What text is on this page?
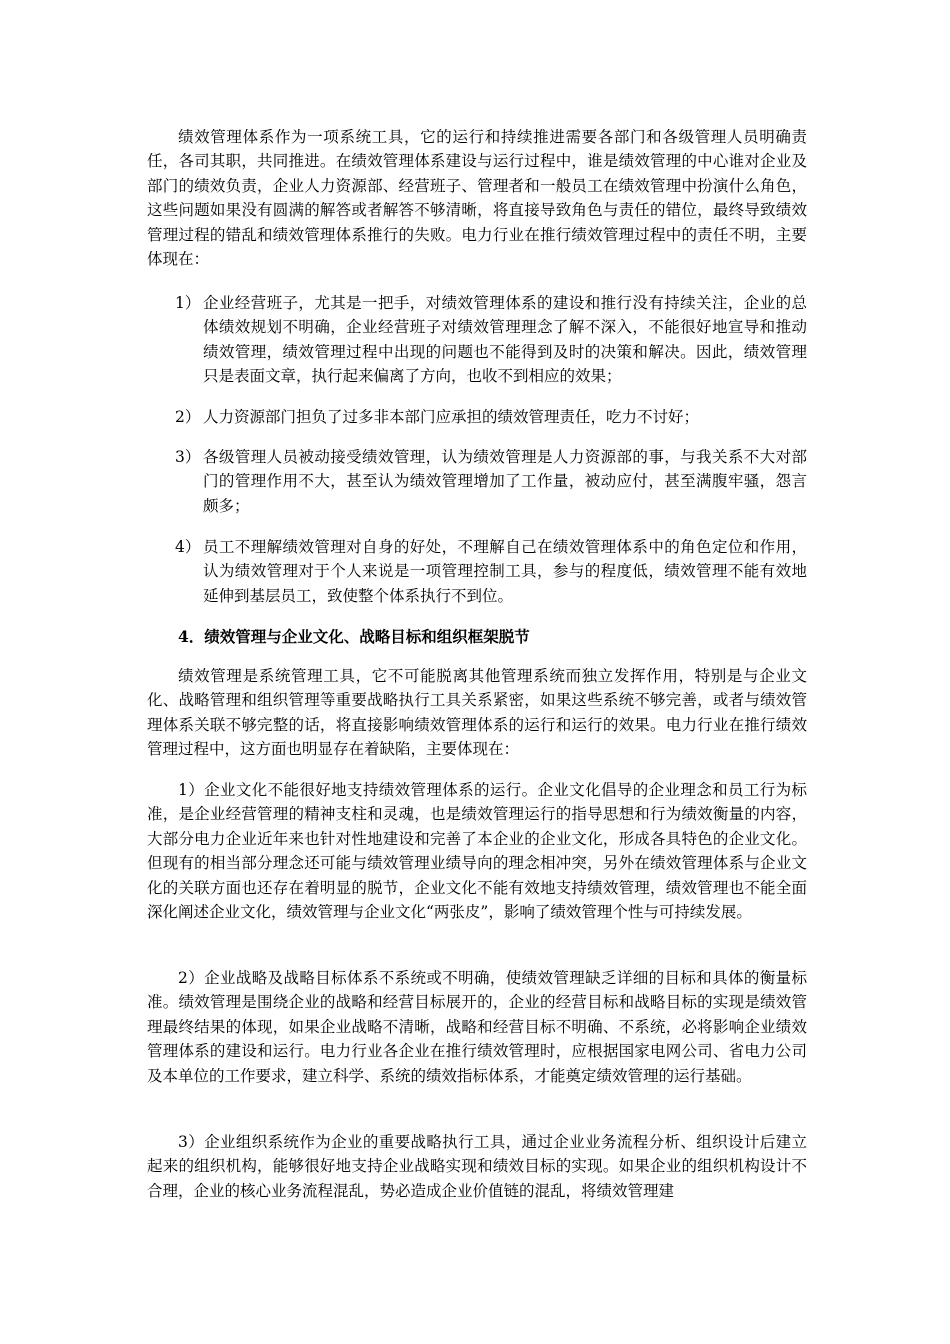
绩效管理体系作为一项系统工具，它的运行和持续推进需要各部门和各级管理人员明确责任，各司其职，共同推进。在绩效管理体系建设与运行过程中，谁是绩效管理的中心谁对企业及部门的绩效负责，企业人力资源部、经营班子、管理者和一般员工在绩效管理中扮演什么角色，这些问题如果没有圆满的解答或者解答不够清晰，将直接导致角色与责任的错位，最终导致绩效管理过程的错乱和绩效管理体系推行的失败。电力行业在推行绩效管理过程中的责任不明，主要体现在：

1） 企业经营班子，尤其是一把手，对绩效管理体系的建设和推行没有持续关注，企业的总体绩效规划不明确，企业经营班子对绩效管理理念了解不深入，不能很好地宣导和推动绩效管理，绩效管理过程中出现的问题也不能得到及时的决策和解决。因此，绩效管理只是表面文章，执行起来偏离了方向，也收不到相应的效果；
2） 人力资源部门担负了过多非本部门应承担的绩效管理责任，吃力不讨好；
3） 各级管理人员被动接受绩效管理，认为绩效管理是人力资源部的事，与我关系不大对部门的管理作用不大，甚至认为绩效管理增加了工作量，被动应付，甚至满腹牢骚，怨言颇多；
4） 员工不理解绩效管理对自身的好处，不理解自己在绩效管理体系中的角色定位和作用，认为绩效管理对于个人来说是一项管理控制工具，参与的程度低，绩效管理不能有效地延伸到基层员工，致使整个体系执行不到位。
4．绩效管理与企业文化、战略目标和组织框架脱节

绩效管理是系统管理工具，它不可能脱离其他管理系统而独立发挥作用，特别是与企业文化、战略管理和组织管理等重要战略执行工具关系紧密，如果这些系统不够完善，或者与绩效管理体系关联不够完整的话，将直接影响绩效管理体系的运行和运行的效果。电力行业在推行绩效管理过程中，这方面也明显存在着缺陷，主要体现在：

1）企业文化不能很好地支持绩效管理体系的运行。企业文化倡导的企业理念和员工行为标准，是企业经营管理的精神支柱和灵魂，也是绩效管理运行的指导思想和行为绩效衡量的内容，大部分电力企业近年来也针对性地建设和完善了本企业的企业文化，形成各具特色的企业文化。但现有的相当部分理念还可能与绩效管理业绩导向的理念相冲突，另外在绩效管理体系与企业文化的关联方面也还存在着明显的脱节，企业文化不能有效地支持绩效管理，绩效管理也不能全面深化阐述企业文化，绩效管理与企业文化“两张皮”，影响了绩效管理个性与可持续发展。

2）企业战略及战略目标体系不系统或不明确，使绩效管理缺乏详细的目标和具体的衡量标准。绩效管理是围绕企业的战略和经营目标展开的，企业的经营目标和战略目标的实现是绩效管理最终结果的体现，如果企业战略不清晰，战略和经营目标不明确、不系统，必将影响企业绩效管理体系的建设和运行。电力行业各企业在推行绩效管理时，应根据国家电网公司、省电力公司及本单位的工作要求，建立科学、系统的绩效指标体系，才能奠定绩效管理的运行基础。

3）企业组织系统作为企业的重要战略执行工具，通过企业业务流程分析、组织设计后建立起来的组织机构，能够很好地支持企业战略实现和绩效目标的实现。如果企业的组织机构设计不合理，企业的核心业务流程混乱，势必造成企业价值链的混乱，将绩效管理建
